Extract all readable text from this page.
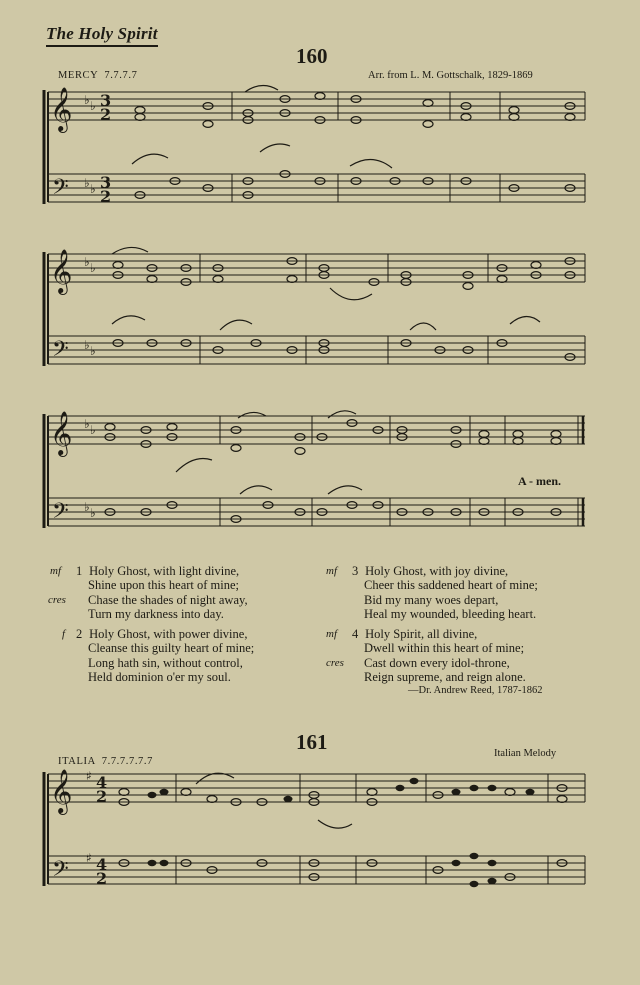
The Holy Spirit
160
MERCY 7.7.7.7	Arr. from L. M. Gottschalk, 1829-1869
𝄞
𝄢
♭ ♭
♭ ♭
3
2
3
2
𝄞
𝄢
♭ ♭
♭ ♭
𝄞
𝄢
♭ ♭
♭ ♭
A - men.
mf
cres
1 Holy Ghost, with light divine,
Shine upon this heart of mine;
Chase the shades of night away,
Turn my darkness into day.
f 2 Holy Ghost, with power divine,
Cleanse this guilty heart of mine;
Long hath sin, without control,
Held dominion o'er my soul.
mf 3 Holy Ghost, with joy divine,
Cheer this saddened heart of mine;
Bid my many woes depart,
Heal my wounded, bleeding heart.
mf
cres
4 Holy Spirit, all divine,
Dwell within this heart of mine;
Cast down every idol-throne,
Reign supreme, and reign alone.
—Dr. Andrew Reed, 1787-1862
161
ITALIA 7.7.7.7.7.7
Italian Melody
𝄞
𝄢
♯
♯
4
2
4
2
